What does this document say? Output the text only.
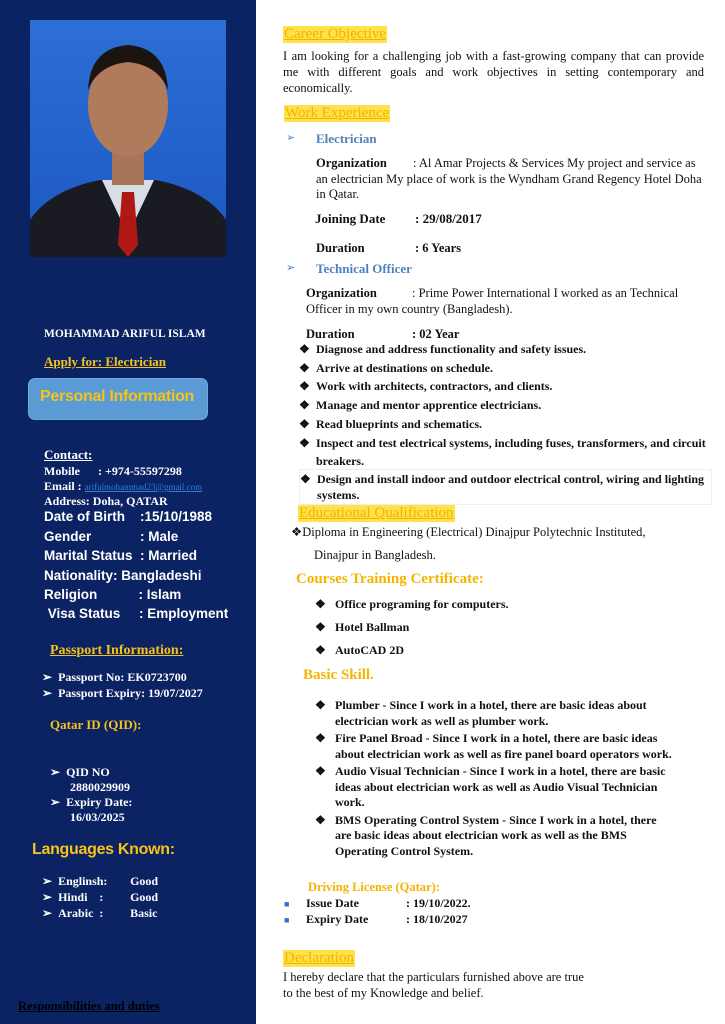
MOHAMMAD ARIFUL ISLAM
Apply for: Electrician
Personal Information
Contact:
Mobile      : +974-55597298
Email : arifulmohammad23@gmail.com
Address: Doha, QATAR
Date of Birth    :15/10/1988
Gender             : Male
Marital Status  : Married
Nationality: Bangladeshi
Religion           : Islam
Visa Status     : Employment
Passport Information:
➢  Passport No: EK0723700
➢  Passport Expiry: 19/07/2027
Qatar ID (QID):
➢  QID NO
2880029909
➢  Expiry Date:
16/03/2025
Languages Known:
➢  Englinsh: Good
➢  Hindi    : Good
➢  Arabic  : Basic
Responsibilities and duties
Career Objective
I am looking for a challenging job with a fast-growing company that can provide me with different goals and work objectives in setting contemporary and economically.
Work Experience
➢ Electrician
Organization : Al Amar Projects & Services My project and service as an electrician My place of work is the Wyndham Grand Regency Hotel Doha in Qatar.
Joining Date : 29/08/2017
Duration	: 6 Years
➢ Technical Officer
Organization	: Prime Power International I worked as an Technical Officer in my own country (Bangladesh).
Duration	: 02 Year
❖ Diagnose and address functionality and safety issues.
❖ Arrive at destinations on schedule.
❖ Work with architects, contractors, and clients.
❖ Manage and mentor apprentice electricians.
❖ Read blueprints and schematics.
❖ Inspect and test electrical systems, including fuses, transformers, and circuit breakers.
❖ Design and install indoor and outdoor electrical control, wiring and lighting systems.
Educational Qualification
❖Diploma in Engineering (Electrical) Dinajpur Polytechnic Instituted,
Dinajpur in Bangladesh.
Courses Training Certificate:
❖ Office programing for computers.
❖ Hotel Ballman
❖ AutoCAD 2D
Basic Skill.
❖ Plumber - Since I work in a hotel, there are basic ideas about electrician work as well as plumber work.
❖ Fire Panel Broad - Since I work in a hotel, there are basic ideas about electrician work as well as fire panel board operators work.
❖ Audio Visual Technician - Since I work in a hotel, there are basic ideas about electrician work as well as Audio Visual Technician work.
❖ BMS Operating Control System - Since I work in a hotel, there are basic ideas about electrician work as well as the BMS Operating Control System.
Driving License (Qatar):
■ Issue Date	: 19/10/2022.
■ Expiry Date	: 18/10/2027
Declaration
I hereby declare that the particulars furnished above are true to the best of my Knowledge and belief.
